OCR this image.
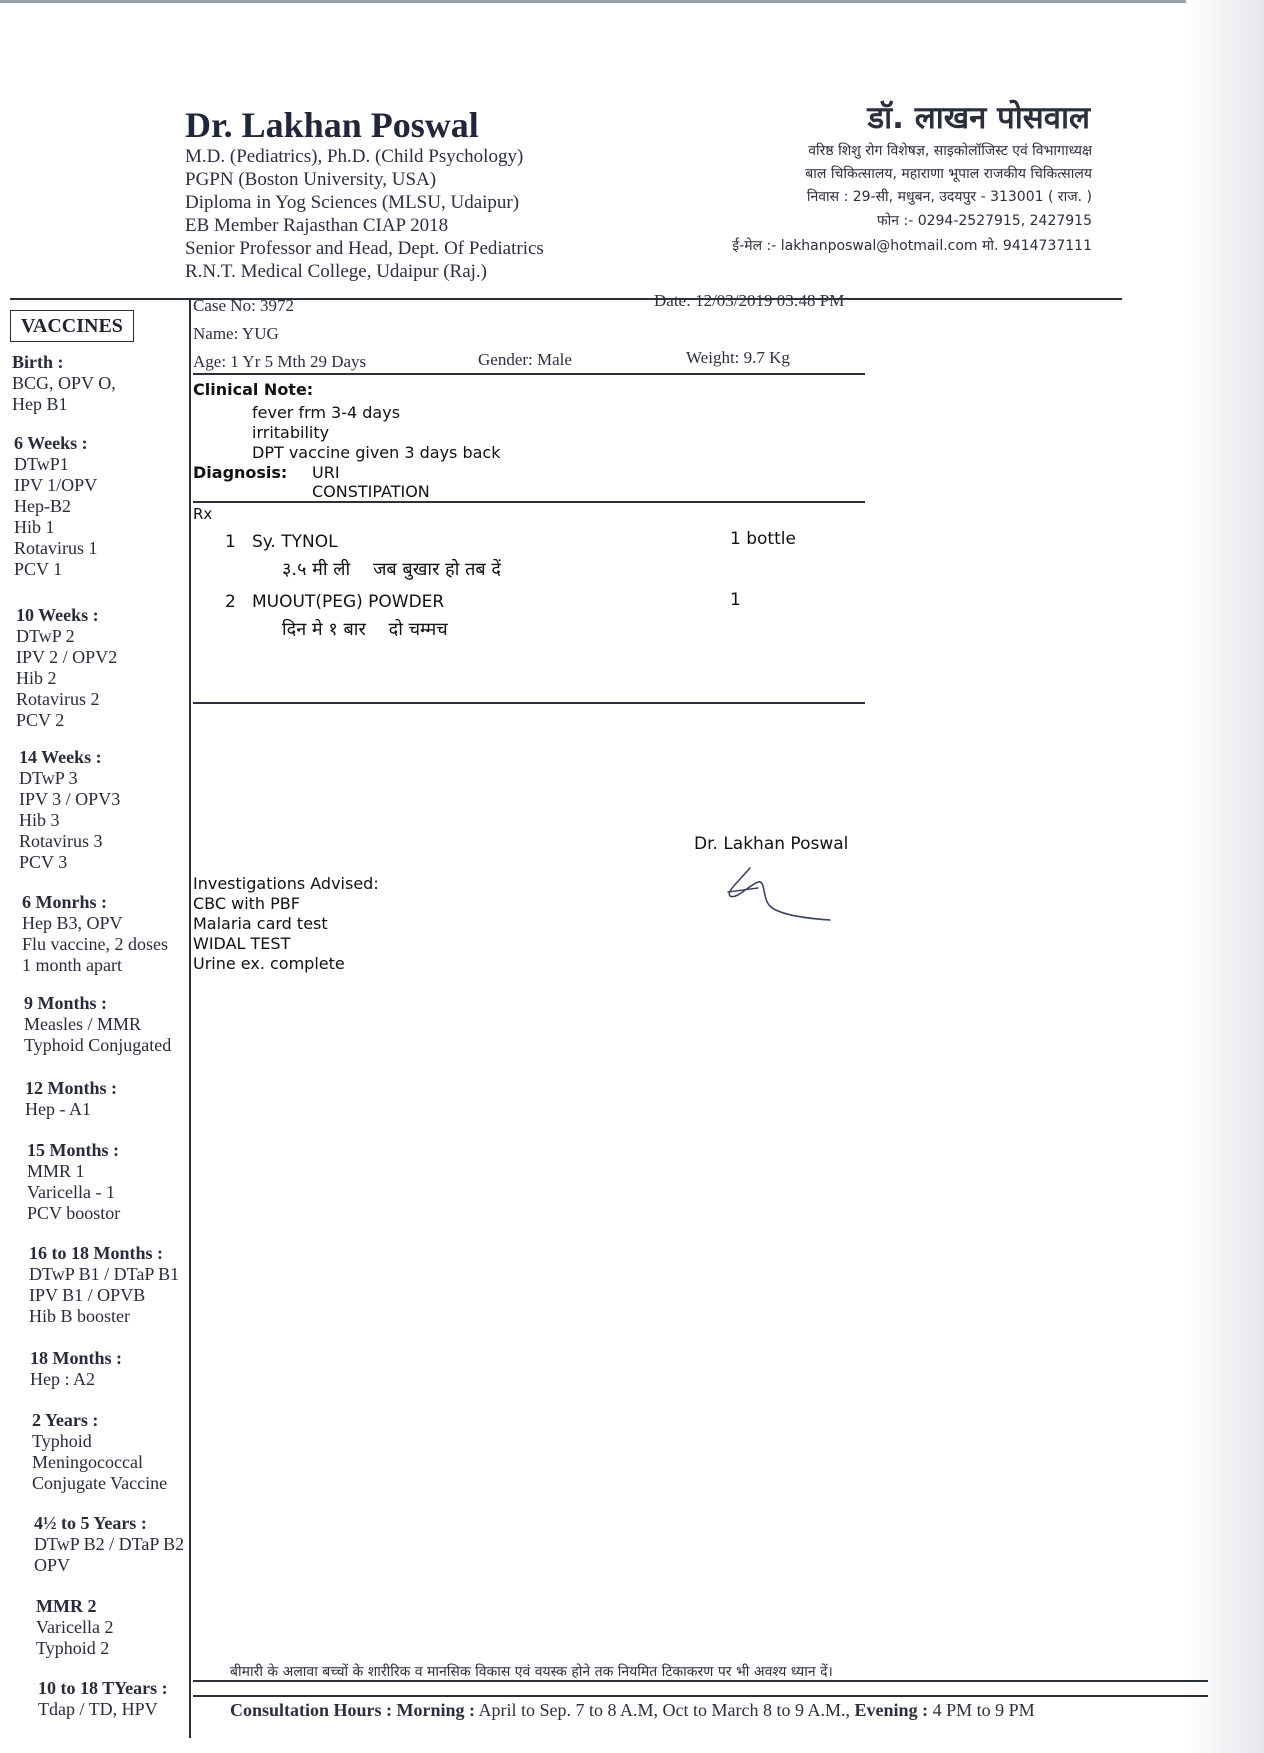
Dr. Lakhan Poswal
M.D. (Pediatrics), Ph.D. (Child Psychology)
PGPN (Boston University, USA)
Diploma in Yog Sciences (MLSU, Udaipur)
EB Member Rajasthan CIAP 2018
Senior Professor and Head, Dept. Of Pediatrics
R.N.T. Medical College, Udaipur (Raj.)
डॉ. लाखन पोसवाल
वरिष्ठ शिशु रोग विशेषज्ञ, साइकोलॉजिस्ट एवं विभागाध्यक्ष
बाल चिकित्सालय, महाराणा भूपाल राजकीय चिकित्सालय
निवास : 29-सी, मधुबन, उदयपुर - 313001 ( राज. )
फोन :- 0294-2527915, 2427915
ई-मेल :- lakhanposwal@hotmail.com मो. 9414737111
VACCINES
Birth :
BCG, OPV O,
Hep B1
6 Weeks :
DTwP1
IPV 1/OPV
Hep-B2
Hib 1
Rotavirus 1
PCV 1
10 Weeks :
DTwP 2
IPV 2 / OPV2
Hib 2
Rotavirus 2
PCV 2
14 Weeks :
DTwP 3
IPV 3 / OPV3
Hib 3
Rotavirus 3
PCV 3
6 Monrhs :
Hep B3, OPV
Flu vaccine, 2 doses
1 month apart
9 Months :
Measles / MMR
Typhoid Conjugated
12 Months :
Hep - A1
15 Months :
MMR 1
Varicella - 1
PCV boostor
16 to 18 Months :
DTwP B1 / DTaP B1
IPV B1 / OPVB
Hib B booster
18 Months :
Hep : A2
2 Years :
Typhoid
Meningococcal
Conjugate Vaccine
4½ to 5 Years :
DTwP B2 / DTaP B2
OPV
MMR 2
Varicella 2
Typhoid 2
10 to 18 TYears :
Tdap / TD, HPV
Case No: 3972	Date: 12/03/2019 03:48 PM
Name: YUG
Age: 1 Yr 5 Mth 29 Days	Gender: Male	Weight: 9.7 Kg
Clinical Note:
fever frm 3-4 days
irritability
DPT vaccine given 3 days back
Diagnosis: URI
CONSTIPATION
Rx
1 Sy. TYNOL	1 bottle
३.५ मी ली    जब बुखार हो तब दें
2 MUOUT(PEG) POWDER	1
दिन मे १ बार    दो चम्मच
Dr. Lakhan Poswal
Investigations Advised:
CBC with PBF
Malaria card test
WIDAL TEST
Urine ex. complete
बीमारी के अलावा बच्चों के शारीरिक व मानसिक विकास एवं वयस्क होने तक नियमित टिकाकरण पर भी अवश्य ध्यान दें।
Consultation Hours : Morning : April to Sep. 7 to 8 A.M, Oct to March 8 to 9 A.M., Evening : 4 PM to 9 PM
